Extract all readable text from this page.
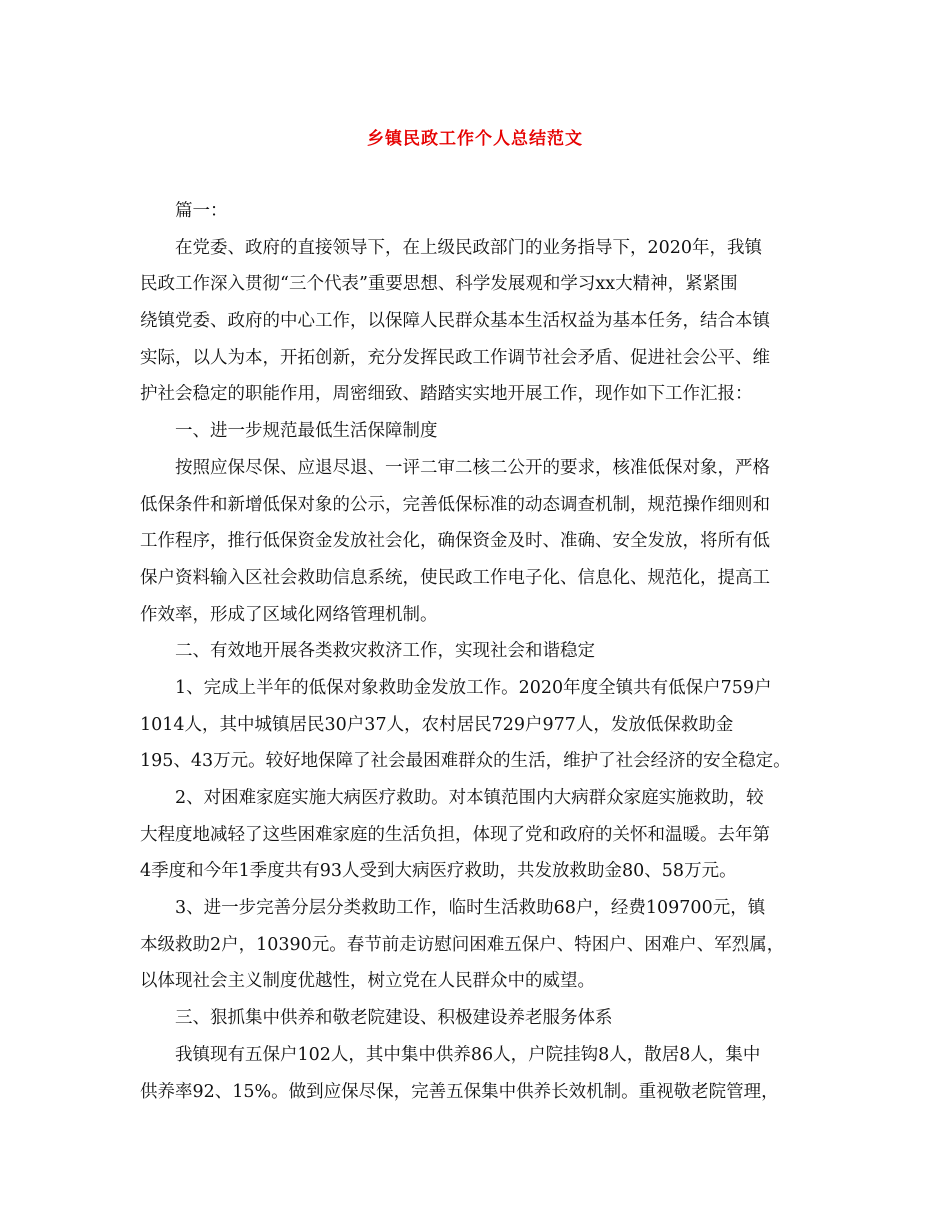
乡镇民政工作个人总结范文
篇一：
在党委、政府的直接领导下，在上级民政部门的业务指导下，2020年，我镇
民政工作深入贯彻“三个代表”重要思想、科学发展观和学习xx大精神，紧紧围
绕镇党委、政府的中心工作，以保障人民群众基本生活权益为基本任务，结合本镇
实际，以人为本，开拓创新，充分发挥民政工作调节社会矛盾、促进社会公平、维
护社会稳定的职能作用，周密细致、踏踏实实地开展工作，现作如下工作汇报：
一、进一步规范最低生活保障制度
按照应保尽保、应退尽退、一评二审二核二公开的要求，核准低保对象，严格
低保条件和新增低保对象的公示，完善低保标准的动态调查机制，规范操作细则和
工作程序，推行低保资金发放社会化，确保资金及时、准确、安全发放，将所有低
保户资料输入区社会救助信息系统，使民政工作电子化、信息化、规范化，提高工
作效率，形成了区域化网络管理机制。
二、有效地开展各类救灾救济工作，实现社会和谐稳定
1、完成上半年的低保对象救助金发放工作。2020年度全镇共有低保户759户
1014人，其中城镇居民30户37人，农村居民729户977人，发放低保救助金
195、43万元。较好地保障了社会最困难群众的生活，维护了社会经济的安全稳定。
2、对困难家庭实施大病医疗救助。对本镇范围内大病群众家庭实施救助，较
大程度地减轻了这些困难家庭的生活负担，体现了党和政府的关怀和温暖。去年第
4季度和今年1季度共有93人受到大病医疗救助，共发放救助金80、58万元。
3、进一步完善分层分类救助工作，临时生活救助68户，经费109700元，镇
本级救助2户，10390元。春节前走访慰问困难五保户、特困户、困难户、军烈属，
以体现社会主义制度优越性，树立党在人民群众中的威望。
三、狠抓集中供养和敬老院建设、积极建设养老服务体系
我镇现有五保户102人，其中集中供养86人，户院挂钩8人，散居8人，集中
供养率92、15%。做到应保尽保，完善五保集中供养长效机制。重视敬老院管理，
